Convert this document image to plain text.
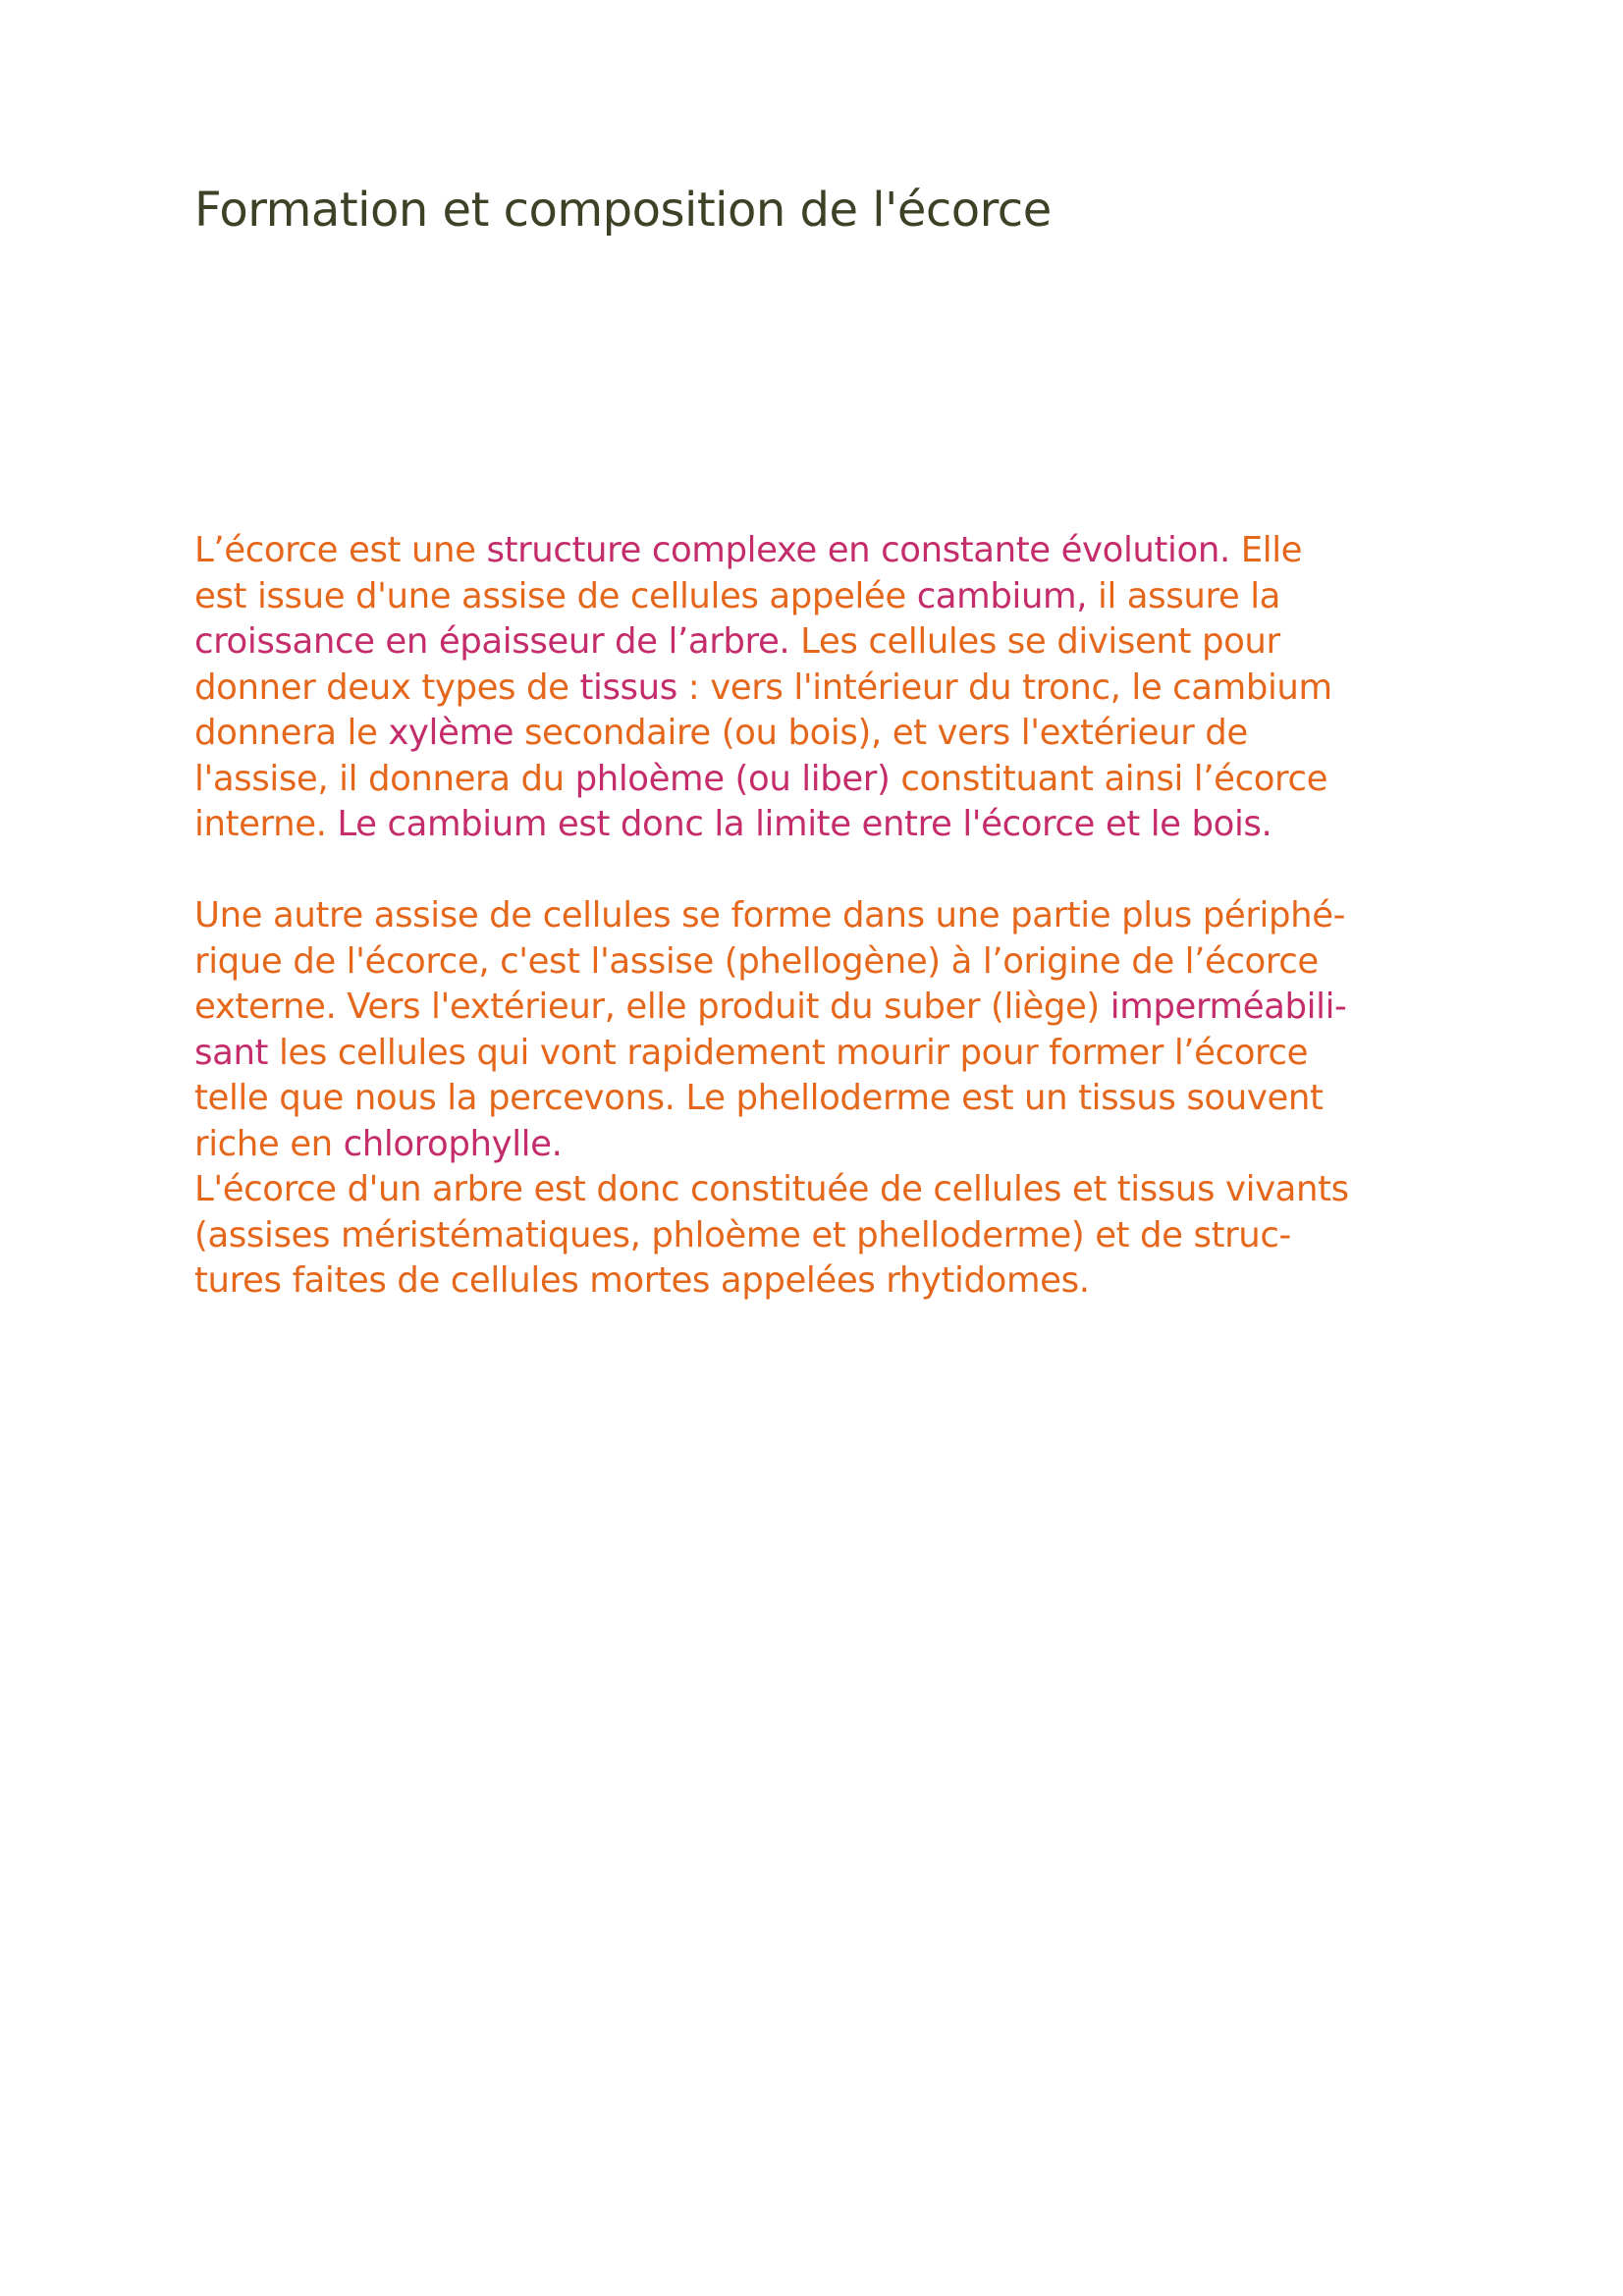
Formation et composition de l'écorce
L’écorce est une structure complexe en constante évolution. Elle
est issue d'une assise de cellules appelée cambium, il assure la
croissance en épaisseur de l’arbre. Les cellules se divisent pour
donner deux types de tissus : vers l'intérieur du tronc, le cambium
donnera le xylème secondaire (ou bois), et vers l'extérieur de
l'assise, il donnera du phloème (ou liber) constituant ainsi l’écorce
interne. Le cambium est donc la limite entre l'écorce et le bois.
Une autre assise de cellules se forme dans une partie plus périphé-
rique de l'écorce, c'est l'assise (phellogène) à l’origine de l’écorce
externe. Vers l'extérieur, elle produit du suber (liège) imperméabili-
sant les cellules qui vont rapidement mourir pour former l’écorce
telle que nous la percevons. Le phelloderme est un tissus souvent
riche en chlorophylle.
L'écorce d'un arbre est donc constituée de cellules et tissus vivants
(assises méristématiques, phloème et phelloderme) et de struc-
tures faites de cellules mortes appelées rhytidomes.
